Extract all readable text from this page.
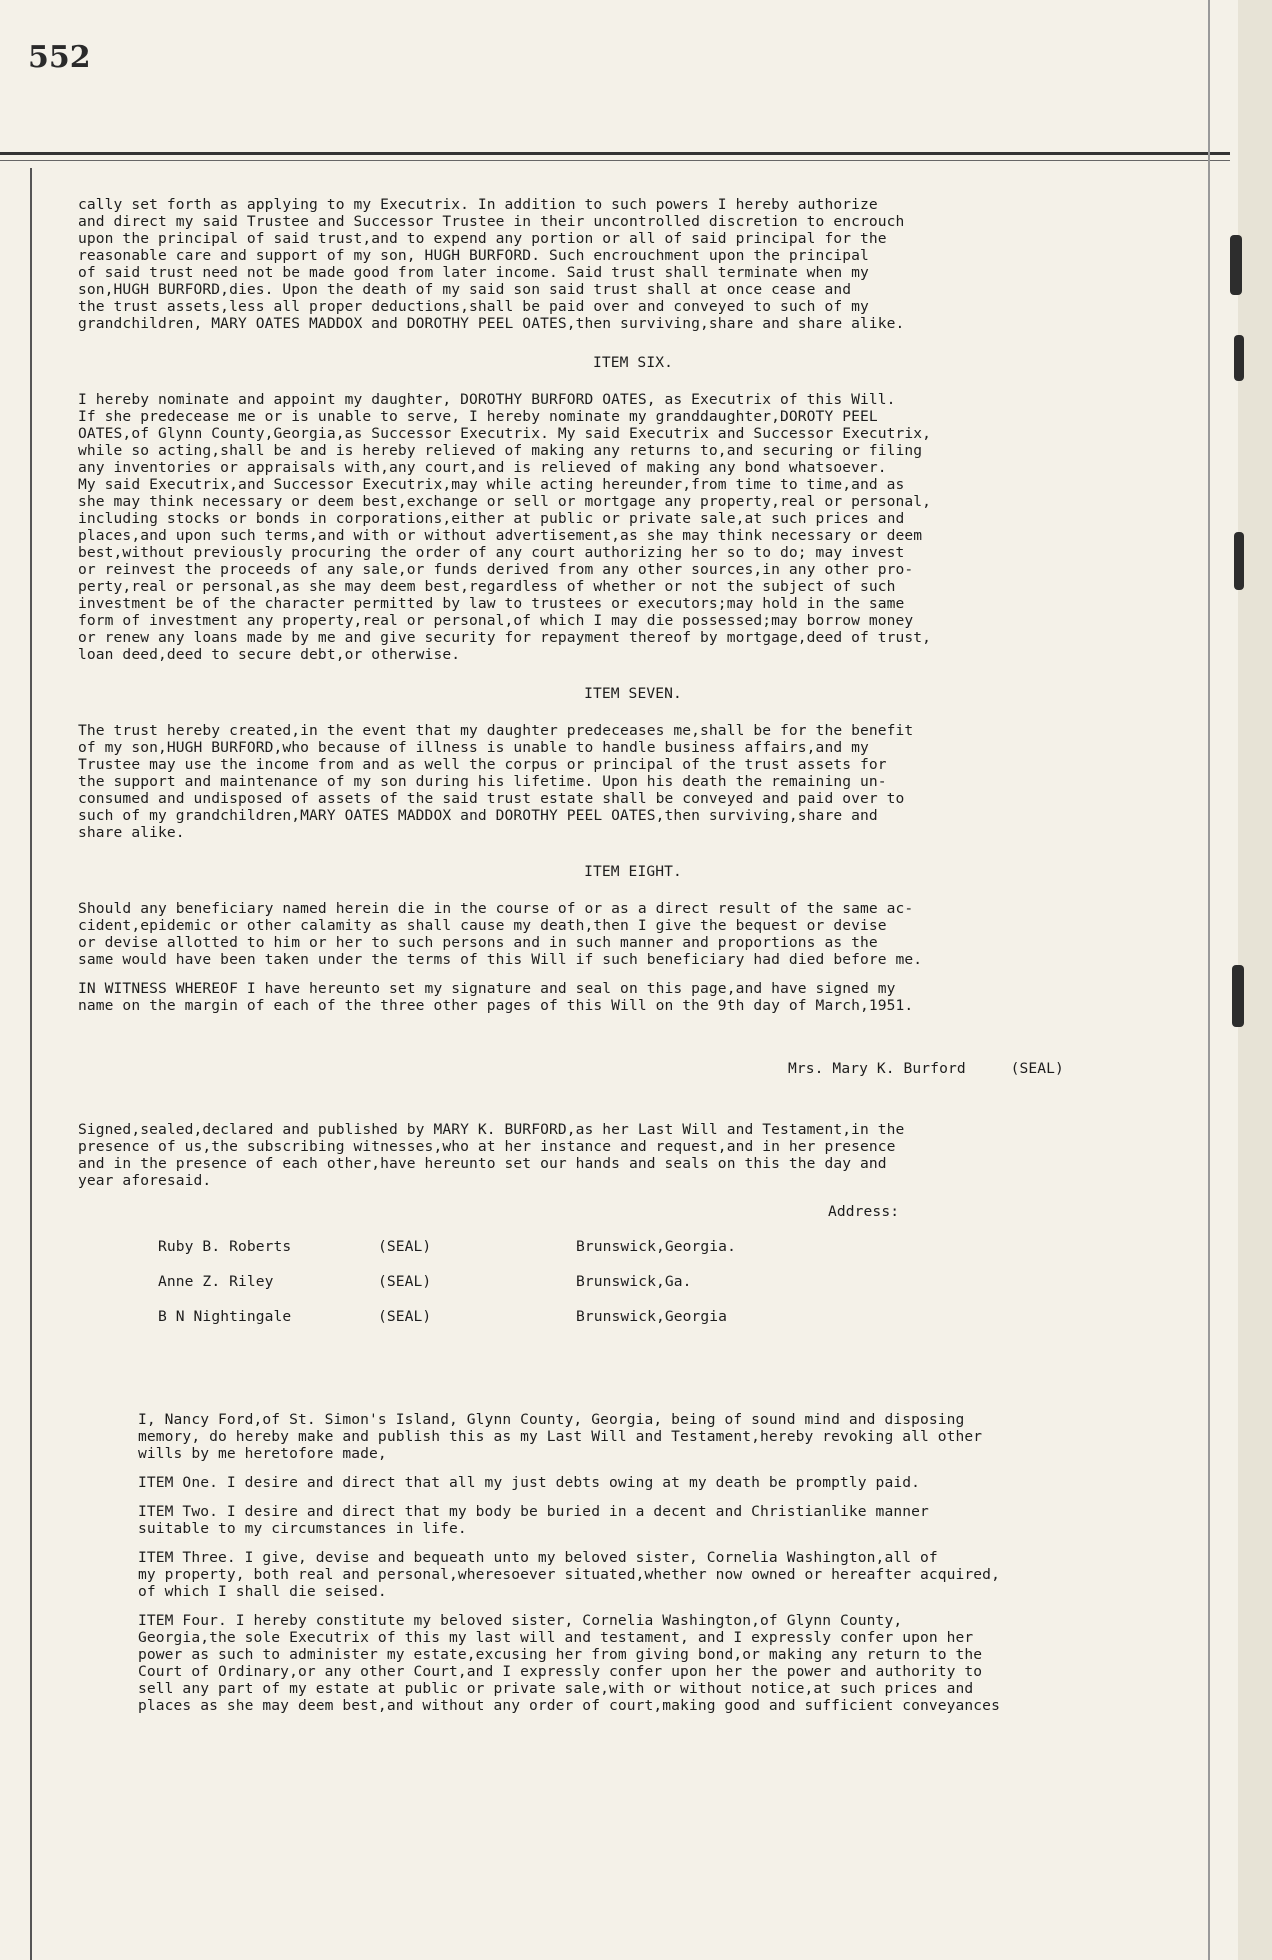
552

cally set forth as applying to my Executrix. In addition to such powers I hereby authorize
and direct my said Trustee and Successor Trustee in their uncontrolled discretion to encrouch
upon the principal of said trust,and to expend any portion or all of said principal for the
reasonable care and support of my son, HUGH BURFORD. Such encrouchment upon the principal
of said trust need not be made good from later income. Said trust shall terminate when my
son,HUGH BURFORD,dies. Upon the death of my said son said trust shall at once cease and
the trust assets,less all proper deductions,shall be paid over and conveyed to such of my
grandchildren, MARY OATES MADDOX and DOROTHY PEEL OATES,then surviving,share and share alike.

ITEM SIX.

I hereby nominate and appoint my daughter, DOROTHY BURFORD OATES, as Executrix of this Will.
If she predecease me or is unable to serve, I hereby nominate my granddaughter,DOROTY PEEL
OATES,of Glynn County,Georgia,as Successor Executrix. My said Executrix and Successor Executrix,
while so acting,shall be and is hereby relieved of making any returns to,and securing or filing
any inventories or appraisals with,any court,and is relieved of making any bond whatsoever.
My said Executrix,and Successor Executrix,may while acting hereunder,from time to time,and as
she may think necessary or deem best,exchange or sell or mortgage any property,real or personal,
including stocks or bonds in corporations,either at public or private sale,at such prices and
places,and upon such terms,and with or without advertisement,as she may think necessary or deem
best,without previously procuring the order of any court authorizing her so to do; may invest
or reinvest the proceeds of any sale,or funds derived from any other sources,in any other pro-
perty,real or personal,as she may deem best,regardless of whether or not the subject of such
investment be of the character permitted by law to trustees or executors;may hold in the same
form of investment any property,real or personal,of which I may die possessed;may borrow money
or renew any loans made by me and give security for repayment thereof by mortgage,deed of trust,
loan deed,deed to secure debt,or otherwise.

ITEM SEVEN.

The trust hereby created,in the event that my daughter predeceases me,shall be for the benefit
of my son,HUGH BURFORD,who because of illness is unable to handle business affairs,and my
Trustee may use the income from and as well the corpus or principal of the trust assets for
the support and maintenance of my son during his lifetime. Upon his death the remaining un-
consumed and undisposed of assets of the said trust estate shall be conveyed and paid over to
such of my grandchildren,MARY OATES MADDOX and DOROTHY PEEL OATES,then surviving,share and
share alike.

ITEM EIGHT.

Should any beneficiary named herein die in the course of or as a direct result of the same ac-
cident,epidemic or other calamity as shall cause my death,then I give the bequest or devise
or devise allotted to him or her to such persons and in such manner and proportions as the
same would have been taken under the terms of this Will if such beneficiary had died before me.

IN WITNESS WHEREOF I have hereunto set my signature and seal on this page,and have signed my
name on the margin of each of the three other pages of this Will on the 9th day of March,1951.

Mrs. Mary K. Burford	(SEAL)

Signed,sealed,declared and published by MARY K. BURFORD,as her Last Will and Testament,in the
presence of us,the subscribing witnesses,who at her instance and request,and in her presence
and in the presence of each other,have hereunto set our hands and seals on this the day and
year aforesaid.

Address:
Ruby B. Roberts	(SEAL)	Brunswick,Georgia.
Anne Z. Riley	(SEAL)	Brunswick,Ga.
B N Nightingale	(SEAL)	Brunswick,Georgia

I, Nancy Ford,of St. Simon's Island, Glynn County, Georgia, being of sound mind and disposing
memory, do hereby make and publish this as my Last Will and Testament,hereby revoking all other
wills by me heretofore made,

ITEM One. I desire and direct that all my just debts owing at my death be promptly paid.

ITEM Two. I desire and direct that my body be buried in a decent and Christianlike manner
suitable to my circumstances in life.

ITEM Three. I give, devise and bequeath unto my beloved sister, Cornelia Washington,all of
my property, both real and personal,wheresoever situated,whether now owned or hereafter acquired,
of which I shall die seised.

ITEM Four. I hereby constitute my beloved sister, Cornelia Washington,of Glynn County,
Georgia,the sole Executrix of this my last will and testament, and I expressly confer upon her
power as such to administer my estate,excusing her from giving bond,or making any return to the
Court of Ordinary,or any other Court,and I expressly confer upon her the power and authority to
sell any part of my estate at public or private sale,with or without notice,at such prices and
places as she may deem best,and without any order of court,making good and sufficient conveyances
